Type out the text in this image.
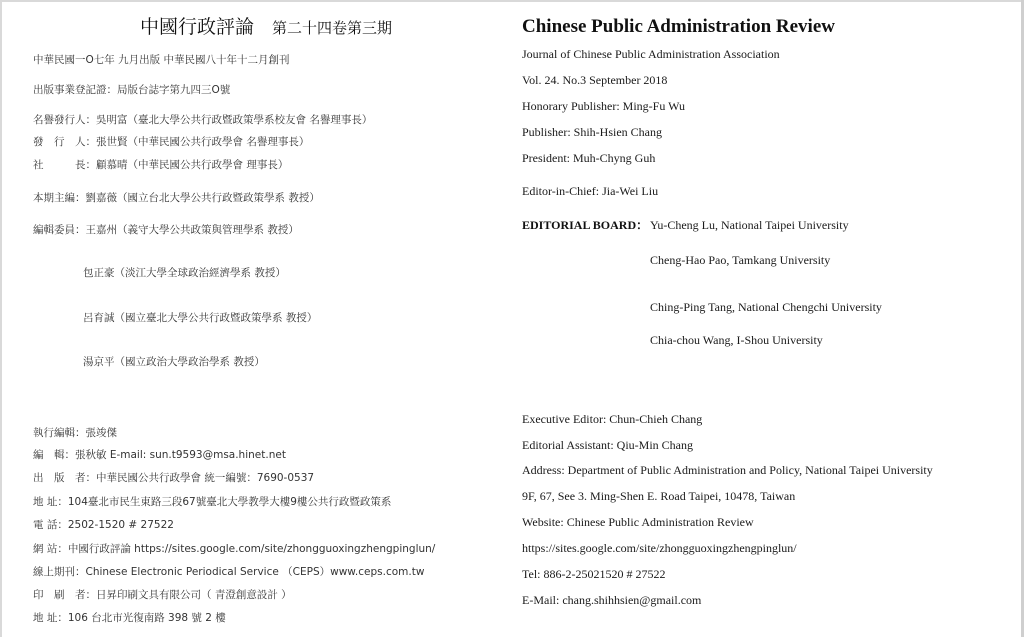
中國行政評論 第二十四卷第三期
中華民國一O七年 九月出版 中華民國八十年十二月創刊
出版事業登記證：局版台誌字第九四三O號
名譽發行人：吳明富（臺北大學公共行政暨政策學系校友會 名譽理事長）
發　行　人：張世賢（中華民國公共行政學會 名譽理事長）
社　　　長：顧慕晴（中華民國公共行政學會 理事長）
本期主編：劉嘉薇（國立台北大學公共行政暨政策學系 教授）
編輯委員：王嘉州（義守大學公共政策與管理學系 教授）
包正豪（淡江大學全球政治經濟學系 教授）
呂育誠（國立臺北大學公共行政暨政策學系 教授）
湯京平（國立政治大學政治學系 教授）
執行編輯：張竣傑
編　輯：張秋敏 E-mail: sun.t9593@msa.hinet.net
出　版　者：中華民國公共行政學會 統一編號：7690-0537
地 址：104臺北市民生東路三段67號臺北大學教學大樓9樓公共行政暨政策系
電 話：2502-1520 # 27522
網 站：中國行政評論 https://sites.google.com/site/zhongguoxingzhengpinglun/
線上期刊：Chinese Electronic Periodical Service （CEPS）www.ceps.com.tw
印　刷　者：日昇印刷文具有限公司（ 青澄創意設計 ）
地 址：106 台北市光復南路 398 號 2 樓
Chinese Public Administration Review
Journal of Chinese Public Administration Association
Vol. 24. No.3 September 2018
Honorary Publisher: Ming-Fu Wu
Publisher: Shih-Hsien Chang
President: Muh-Chyng Guh
Editor-in-Chief: Jia-Wei Liu
EDITORIAL BOARD： Yu-Cheng Lu, National Taipei University
Cheng-Hao Pao, Tamkang University
Ching-Ping Tang, National Chengchi University
Chia-chou Wang, I-Shou University
Executive Editor: Chun-Chieh Chang
Editorial Assistant: Qiu-Min Chang
Address: Department of Public Administration and Policy, National Taipei University
9F, 67, See 3. Ming-Shen E. Road Taipei, 10478, Taiwan
Website: Chinese Public Administration Review
https://sites.google.com/site/zhongguoxingzhengpinglun/
Tel: 886-2-25021520 # 27522
E-Mail: chang.shihhsien@gmail.com
